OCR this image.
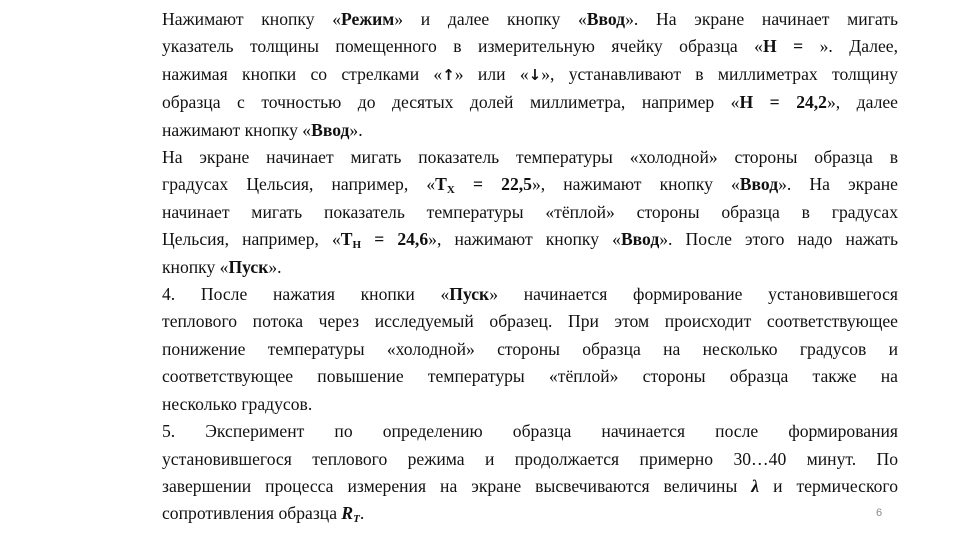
Нажимают кнопку «Режим» и далее кнопку «Ввод». На экране начинает мигать
указатель толщины помещенного в измерительную ячейку образца «Н = ». Далее,
нажимая кнопки со стрелками «↑» или «↓», устанавливают в миллиметрах толщину
образца с точностью до десятых долей миллиметра, например «Н = 24,2», далее
нажимают кнопку «Ввод».
На экране начинает мигать показатель температуры «холодной» стороны образца в
градусах Цельсия, например, «$Т_Х = 22,5$», нажимают кнопку «Ввод». На экране
начинает мигать показатель температуры «тёплой» стороны образца в градусах
Цельсия, например, «$Т_Н = 24,6$», нажимают кнопку «Ввод». После этого надо нажать
кнопку «Пуск».
4. После нажатия кнопки «Пуск» начинается формирование установившегося
теплового потока через исследуемый образец. При этом происходит соответствующее
понижение температуры «холодной» стороны образца на несколько градусов и
соответствующее повышение температуры «тёплой» стороны образца также на
несколько градусов.
5. Эксперимент по определению образца начинается после формирования
установившегося теплового режима и продолжается примерно 30…40 минут. По
завершении процесса измерения на экране высвечиваются величины λ и термического
сопротивления образца $R_T$.	6
